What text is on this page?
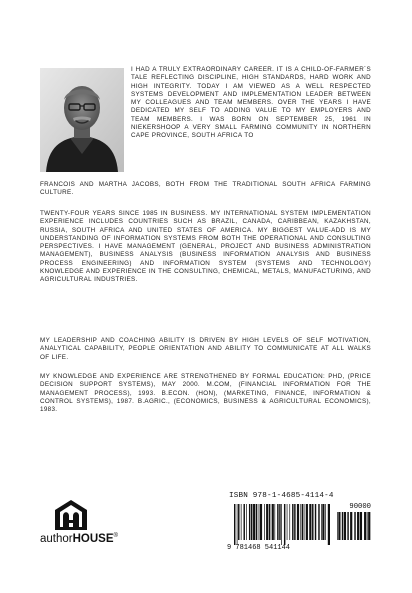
I HAD A TRULY EXTRAORDINARY CAREER. IT IS A CHILD-OF-FARMER´S TALE REFLECTING DISCIPLINE, HIGH STANDARDS, HARD WORK AND HIGH INTEGRITY. TODAY I AM VIEWED AS A WELL RESPECTED SYSTEMS DEVELOPMENT AND IMPLEMENTATION LEADER BETWEEN MY COLLEAGUES AND TEAM MEMBERS. OVER THE YEARS I HAVE DEDICATED MY SELF TO ADDING VALUE TO MY EMPLOYERS AND TEAM MEMBERS. I WAS BORN ON SEPTEMBER 25, 1961 IN NIEKERSHOOP A VERY SMALL FARMING COMMUNITY IN NORTHERN CAPE PROVINCE, SOUTH AFRICA TO
FRANCOIS AND MARTHA JACOBS, BOTH FROM THE TRADITIONAL SOUTH AFRICA FARMING CULTURE.
TWENTY-FOUR YEARS SINCE 1985 IN BUSINESS. MY INTERNATIONAL SYSTEM IMPLEMENTATION EXPERIENCE INCLUDES COUNTRIES SUCH AS BRAZIL, CANADA, CARIBBEAN, KAZAKHSTAN, RUSSIA, SOUTH AFRICA AND UNITED STATES OF AMERICA. MY BIGGEST VALUE-ADD IS MY UNDERSTANDING OF INFORMATION SYSTEMS FROM BOTH THE OPERATIONAL AND CONSULTING PERSPECTIVES. I HAVE MANAGEMENT (GENERAL, PROJECT AND BUSINESS ADMINISTRATION MANAGEMENT), BUSINESS ANALYSIS (BUSINESS INFORMATION ANALYSIS AND BUSINESS PROCESS ENGINEERING) AND INFORMATION SYSTEM (SYSTEMS AND TECHNOLOGY) KNOWLEDGE AND EXPERIENCE IN THE CONSULTING, CHEMICAL, METALS, MANUFACTURING, AND AGRICULTURAL INDUSTRIES.
MY LEADERSHIP AND COACHING ABILITY IS DRIVEN BY HIGH LEVELS OF SELF MOTIVATION, ANALYTICAL CAPABILITY, PEOPLE ORIENTATION AND ABILITY TO COMMUNICATE AT ALL WALKS OF LIFE.
MY KNOWLEDGE AND EXPERIENCE ARE STRENGTHENED BY FORMAL EDUCATION: PHD, (PRICE DECISION SUPPORT SYSTEMS), MAY 2000. M.COM, (FINANCIAL INFORMATION FOR THE MANAGEMENT PROCESS), 1993. B.ECON. (HON), (MARKETING, FINANCE, INFORMATION & CONTROL SYSTEMS), 1987. B.AGRIC., (ECONOMICS, BUSINESS & AGRICULTURAL ECONOMICS), 1983.
authorHOUSE®
ISBN 978-1-4685-4114-4
90000
9 781468 541144
